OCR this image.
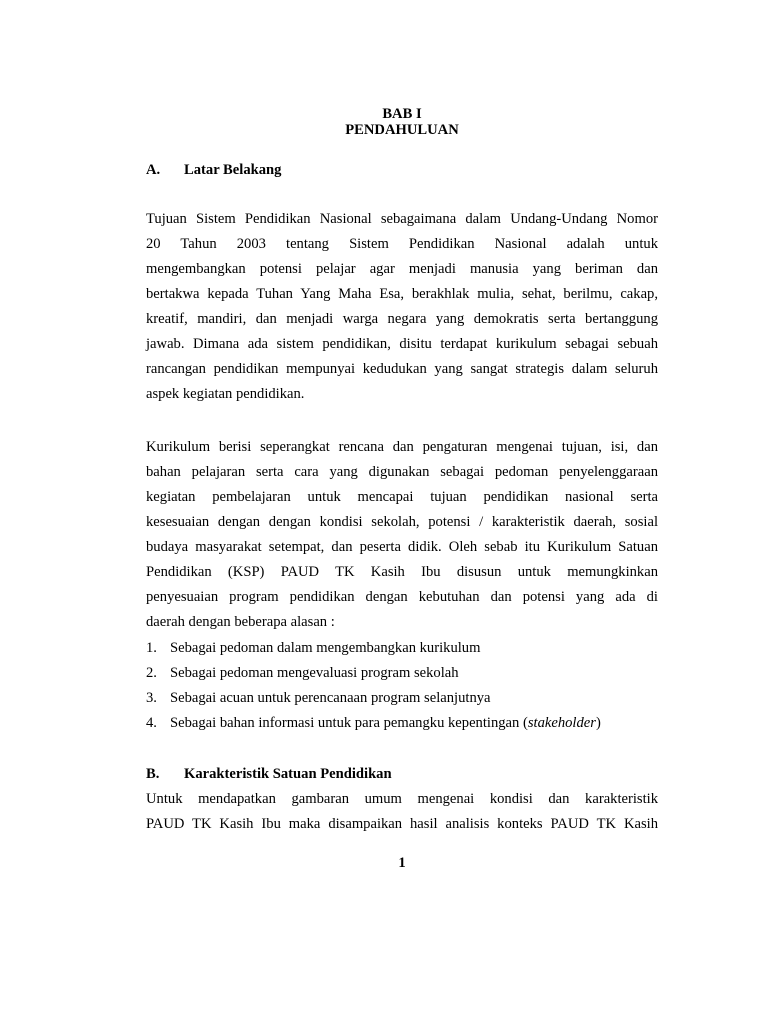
BAB I
PENDAHULUAN
A. Latar Belakang
Tujuan Sistem Pendidikan Nasional sebagaimana dalam Undang-Undang Nomor
20 Tahun 2003 tentang Sistem Pendidikan Nasional adalah untuk
mengembangkan potensi pelajar agar menjadi manusia yang beriman dan
bertakwa kepada Tuhan Yang Maha Esa, berakhlak mulia, sehat, berilmu, cakap,
kreatif, mandiri, dan menjadi warga negara yang demokratis serta bertanggung
jawab. Dimana ada sistem pendidikan, disitu terdapat kurikulum sebagai sebuah
rancangan pendidikan mempunyai kedudukan yang sangat strategis dalam seluruh
aspek kegiatan pendidikan.
Kurikulum berisi seperangkat rencana dan pengaturan mengenai tujuan, isi, dan
bahan pelajaran serta cara yang digunakan sebagai pedoman penyelenggaraan
kegiatan pembelajaran untuk mencapai tujuan pendidikan nasional serta
kesesuaian dengan dengan kondisi sekolah, potensi / karakteristik daerah, sosial
budaya masyarakat setempat, dan peserta didik. Oleh sebab itu Kurikulum Satuan
Pendidikan (KSP) PAUD TK Kasih Ibu disusun untuk memungkinkan
penyesuaian program pendidikan dengan kebutuhan dan potensi yang ada di
daerah dengan beberapa alasan :
1. Sebagai pedoman dalam mengembangkan kurikulum
2. Sebagai pedoman mengevaluasi program sekolah
3. Sebagai acuan untuk perencanaan program selanjutnya
4. Sebagai bahan informasi untuk para pemangku kepentingan (stakeholder)
B. Karakteristik Satuan Pendidikan
Untuk mendapatkan gambaran umum mengenai kondisi dan karakteristik
PAUD TK Kasih Ibu maka disampaikan hasil analisis konteks PAUD TK Kasih
1
